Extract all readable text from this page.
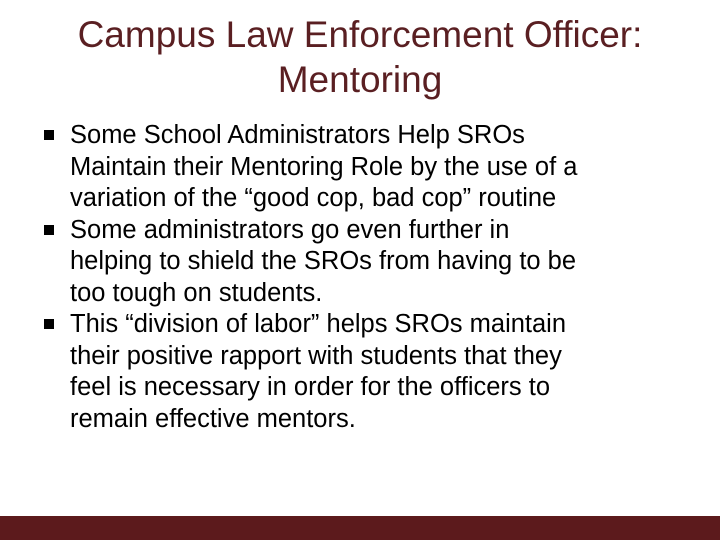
Campus Law Enforcement Officer:
Mentoring
Some School Administrators Help SROs
Maintain their Mentoring Role by the use of a
variation of the “good cop, bad cop” routine
Some administrators go even further in
helping to shield the SROs from having to be
too tough on students.
This “division of labor” helps SROs maintain
their positive rapport with students that they
feel is necessary in order for the officers to
remain effective mentors.
